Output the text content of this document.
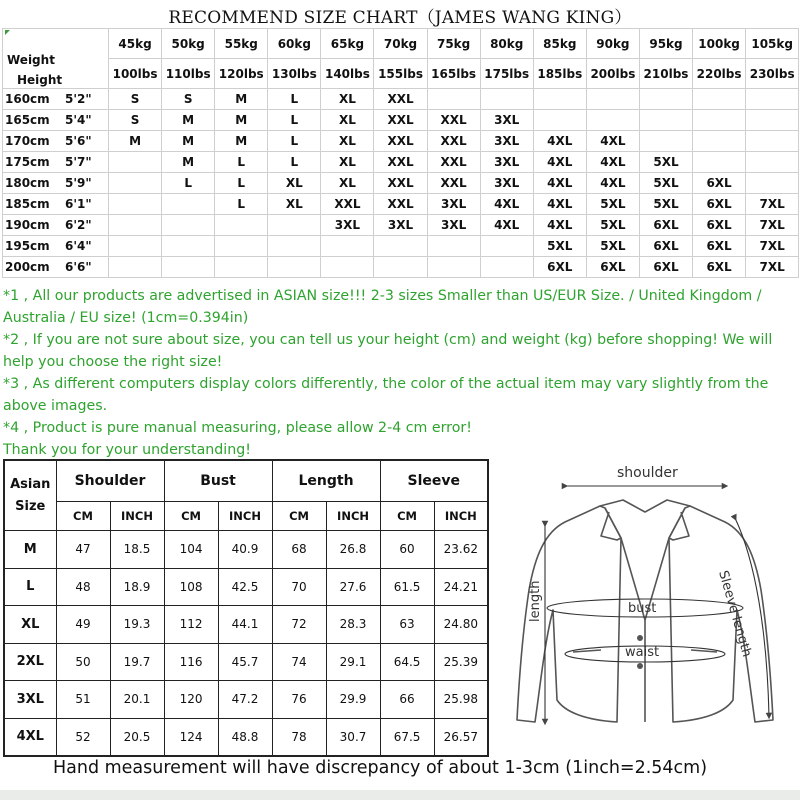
RECOMMEND SIZE CHART（JAMES WANG KING）
Weight
Height	45kg	50kg	55kg	60kg	65kg	70kg	75kg	80kg	85kg	90kg	95kg	100kg	105kg
	100lbs	110lbs	120lbs	130lbs	140lbs	155lbs	165lbs	175lbs	185lbs	200lbs	210lbs	220lbs	230lbs
160cm 5'2"	S	S	M	L	XL	XXL							
165cm 5'4"	S	M	M	L	XL	XXL	XXL	3XL					
170cm 5'6"	M	M	M	L	XL	XXL	XXL	3XL	4XL	4XL			
175cm 5'7"		M	L	L	XL	XXL	XXL	3XL	4XL	4XL	5XL		
180cm 5'9"		L	L	XL	XL	XXL	XXL	3XL	4XL	4XL	5XL	6XL	
185cm 6'1"			L	XL	XXL	XXL	3XL	4XL	4XL	5XL	5XL	6XL	7XL
190cm 6'2"					3XL	3XL	3XL	4XL	4XL	5XL	6XL	6XL	7XL
195cm 6'4"									5XL	5XL	6XL	6XL	7XL
200cm 6'6"									6XL	6XL	6XL	6XL	7XL

*1 , All our products are advertised in ASIAN size!!! 2-3 sizes Smaller than US/EUR Size. / United Kingdom / Australia / EU size! (1cm=0.394in)

*2 , If you are not sure about size, you can tell us your height (cm) and weight (kg) before shopping! We will help you choose the right size!

*3 , As different computers display colors differently, the color of the actual item may vary slightly from the above images.

*4 , Product is pure manual measuring, please allow 2-4 cm error!

Thank you for your understanding!

Asian
Size	Shoulder		Bust		Length		Sleeve	
	CM	INCH	CM	INCH	CM	INCH	CM	INCH
M	47	18.5	104	40.9	68	26.8	60	23.62
L	48	18.9	108	42.5	70	27.6	61.5	24.21
XL	49	19.3	112	44.1	72	28.3	63	24.80
2XL	50	19.7	116	45.7	74	29.1	64.5	25.39
3XL	51	20.1	120	47.2	76	29.9	66	25.98
4XL	52	20.5	124	48.8	78	30.7	67.5	26.57
shoulder
length	bust
waist	Sleeve length
Hand measurement will have discrepancy of about 1-3cm (1inch=2.54cm)
